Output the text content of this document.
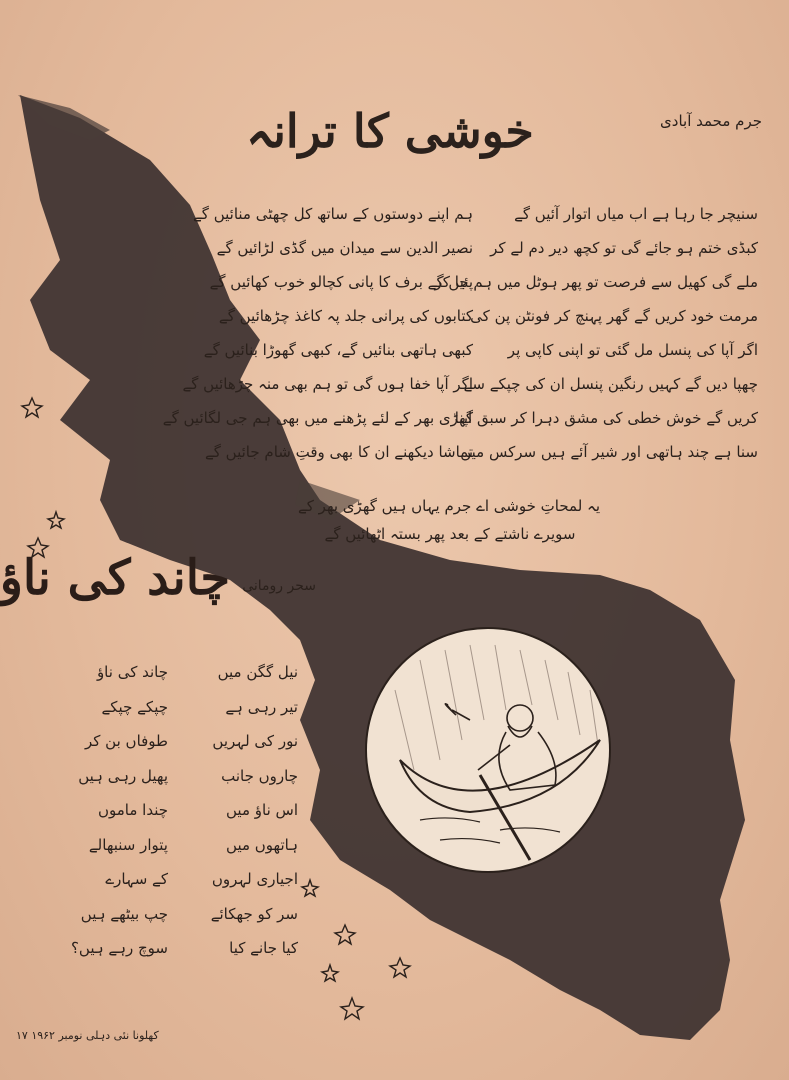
خوشی کا ترانہ	جرم محمد آبادی
سنیچر جا رہا ہے اب میاں اتوار آئیں گے
کبڈی ختم ہو جائے گی تو کچھ دیر دم لے کر
ملے گی کھیل سے فرصت تو پھر ہوٹل میں ہم جا کر
مرمت خود کریں گے گھر پہنچ کر فونٹن پن کی
اگر آپا کی پنسل مل گئی تو اپنی کاپی پر
چھپا دیں گے کہیں رنگین پنسل ان کی چپکے سے
کریں گے خوش خطی کی مشق دہرا کر سبق اپنا
سنا ہے چند ہاتھی اور شیر آئے ہیں سرکس میں
ہم اپنے دوستوں کے ساتھ کل چھٹی منائیں گے
نصیر الدین سے میدان میں گڈی لڑائیں گے
پئیں گے برف کا پانی کچالو خوب کھائیں گے
کتابوں کی پرانی جلد پہ کاغذ چڑھائیں گے
کبھی ہاتھی بنائیں گے، کبھی گھوڑا بنائیں گے
اگر آپا خفا ہوں گی تو ہم بھی منہ چڑھائیں گے
گھڑی بھر کے لئے پڑھنے میں بھی ہم جی لگائیں گے
تماشا دیکھنے ان کا بھی وقتِ شام جائیں گے
یہ لمحاتِ خوشی اے جرم یہاں ہیں گھڑی بھر کے
سویرے ناشتے کے بعد پھر بستہ اٹھائیں گے
چاند کی ناؤ سحر رومانی
نیل گگن میں
تیر رہی ہے
نور کی لہریں
چاروں جانب
اس ناؤ میں
ہاتھوں میں
اجیاری لہروں
سر کو جھکائے
کیا جانے کیا
چاند کی ناؤ
چپکے چپکے
طوفاں بن کر
پھیل رہی ہیں
چندا ماموں
پتوار سنبھالے
کے سہارے
چپ بیٹھے ہیں
سوچ رہے ہیں؟
کھلونا نئی دہلی نومبر ۱۹۶۲ ۱۷
